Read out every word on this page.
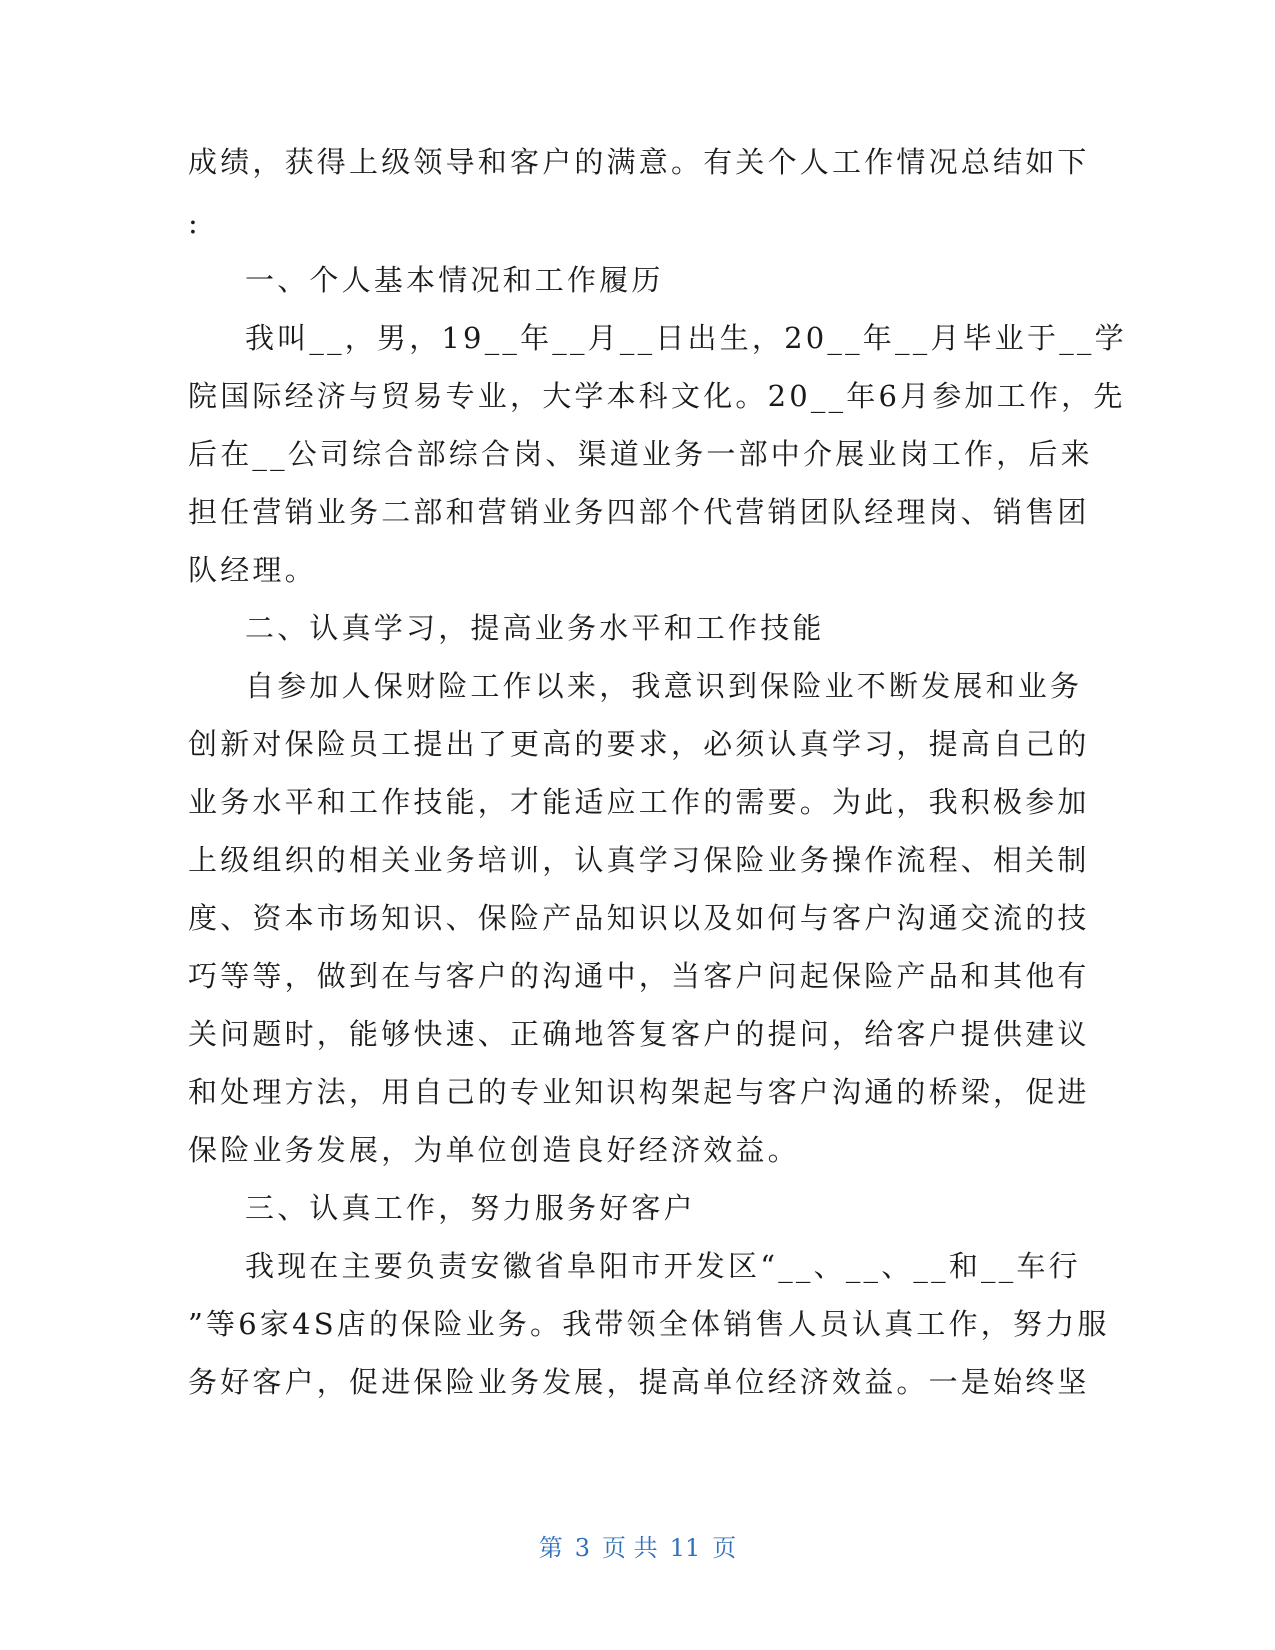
成绩，获得上级领导和客户的满意。有关个人工作情况总结如下
:
一、个人基本情况和工作履历
我叫__，男，19__年__月__日出生，20__年__月毕业于__学
院国际经济与贸易专业，大学本科文化。20__年6月参加工作，先
后在__公司综合部综合岗、渠道业务一部中介展业岗工作，后来
担任营销业务二部和营销业务四部个代营销团队经理岗、销售团
队经理。
二、认真学习，提高业务水平和工作技能
自参加人保财险工作以来，我意识到保险业不断发展和业务
创新对保险员工提出了更高的要求，必须认真学习，提高自己的
业务水平和工作技能，才能适应工作的需要。为此，我积极参加
上级组织的相关业务培训，认真学习保险业务操作流程、相关制
度、资本市场知识、保险产品知识以及如何与客户沟通交流的技
巧等等，做到在与客户的沟通中，当客户问起保险产品和其他有
关问题时，能够快速、正确地答复客户的提问，给客户提供建议
和处理方法，用自己的专业知识构架起与客户沟通的桥梁，促进
保险业务发展，为单位创造良好经济效益。
三、认真工作，努力服务好客户
我现在主要负责安徽省阜阳市开发区“__、__、__和__车行
”等6家4S店的保险业务。我带领全体销售人员认真工作，努力服
务好客户，促进保险业务发展，提高单位经济效益。一是始终坚
第 3 页 共 11 页
